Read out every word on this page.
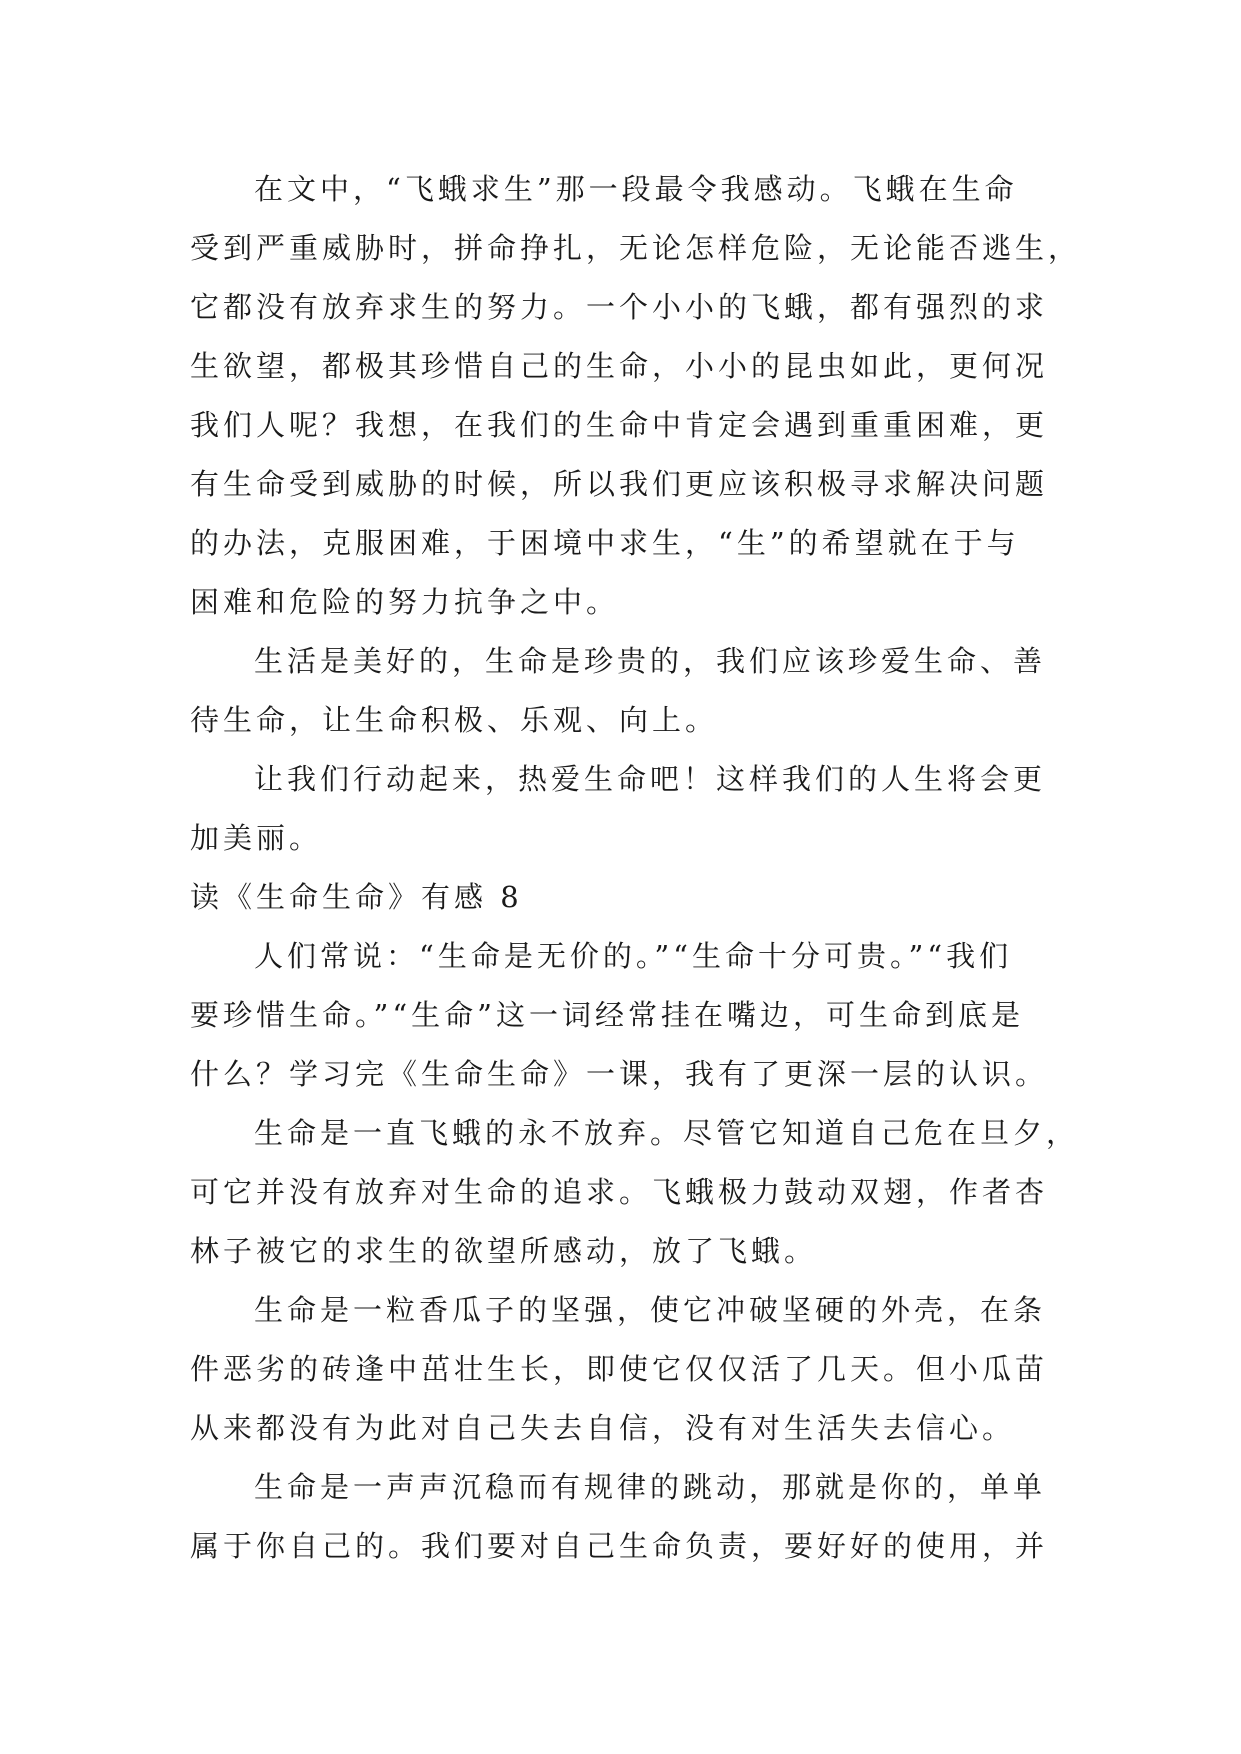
在文中，“飞蛾求生”那一段最令我感动。飞蛾在生命
受到严重威胁时，拼命挣扎，无论怎样危险，无论能否逃生，
它都没有放弃求生的努力。一个小小的飞蛾，都有强烈的求
生欲望，都极其珍惜自己的生命，小小的昆虫如此，更何况
我们人呢？我想，在我们的生命中肯定会遇到重重困难，更
有生命受到威胁的时候，所以我们更应该积极寻求解决问题
的办法，克服困难，于困境中求生，“生”的希望就在于与
困难和危险的努力抗争之中。
生活是美好的，生命是珍贵的，我们应该珍爱生命、善
待生命，让生命积极、乐观、向上。
让我们行动起来，热爱生命吧！这样我们的人生将会更
加美丽。
读《生命生命》有感 8
人们常说：“生命是无价的。”“生命十分可贵。”“我们
要珍惜生命。”“生命”这一词经常挂在嘴边，可生命到底是
什么？学习完《生命生命》一课，我有了更深一层的认识。
生命是一直飞蛾的永不放弃。尽管它知道自己危在旦夕，
可它并没有放弃对生命的追求。飞蛾极力鼓动双翅，作者杏
林子被它的求生的欲望所感动，放了飞蛾。
生命是一粒香瓜子的坚强，使它冲破坚硬的外壳，在条
件恶劣的砖逢中茁壮生长，即使它仅仅活了几天。但小瓜苗
从来都没有为此对自己失去自信，没有对生活失去信心。
生命是一声声沉稳而有规律的跳动，那就是你的，单单
属于你自己的。我们要对自己生命负责，要好好的使用，并
